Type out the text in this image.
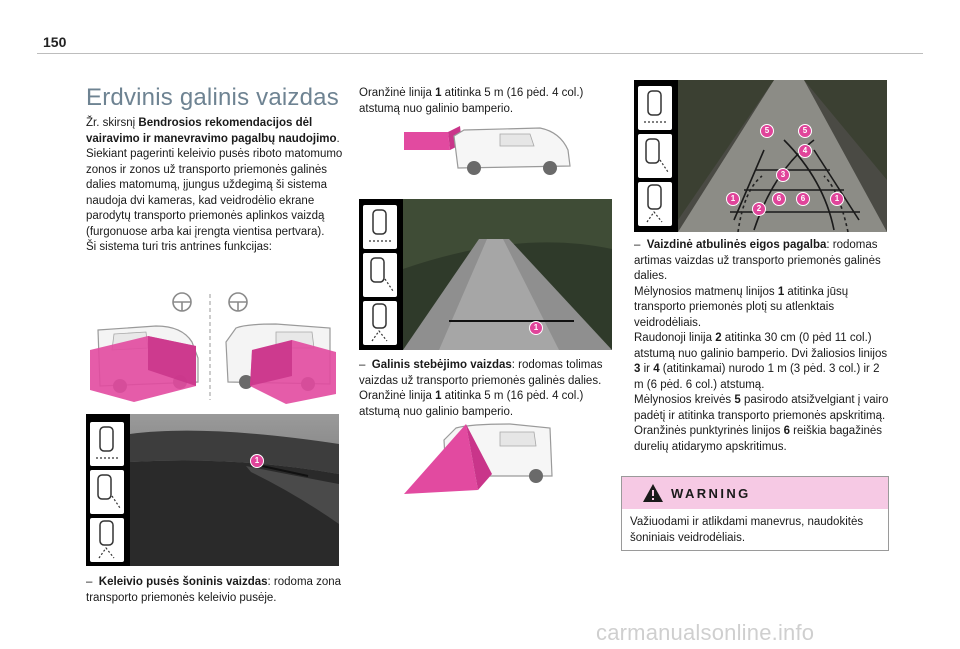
150
Erdvinis galinis vaizdas

Žr. skirsnį Bendrosios rekomendacijos dėl vairavimo ir manevravimo pagalbų naudojimo.

Siekiant pagerinti keleivio pusės riboto matomumo zonos ir zonos už transporto priemonės galinės dalies matomumą, įjungus uždegimą ši sistema naudoja dvi kameras, kad veidrodėlio ekrane parodytų transporto priemonės aplinkos vaizdą (furgonuose arba kai įrengta vientisa pertvara).

Ši sistema turi tris antrines funkcijas:

1

– Keleivio pusės šoninis vaizdas: rodoma zona transporto priemonės keleivio pusėje.

Oranžinė linija 1 atitinka 5 m (16 pėd. 4 col.) atstumą nuo galinio bamperio.

1

– Galinis stebėjimo vaizdas: rodomas tolimas vaizdas už transporto priemonės galinės dalies.

Oranžinė linija 1 atitinka 5 m (16 pėd. 4 col.) atstumą nuo galinio bamperio.

5	5
4
3
1	6	6	1
2

– Vaizdinė atbulinės eigos pagalba: rodomas artimas vaizdas už transporto priemonės galinės dalies.

Mėlynosios matmenų linijos 1 atitinka jūsų transporto priemonės plotį su atlenktais veidrodėliais.

Raudonoji linija 2 atitinka 30 cm (0 pėd 11 col.) atstumą nuo galinio bamperio. Dvi žaliosios linijos 3 ir 4 (atitinkamai) nurodo 1 m (3 pėd. 3 col.) ir 2 m (6 pėd. 6 col.) atstumą.

Mėlynosios kreivės 5 pasirodo atsižvelgiant į vairo padėtį ir atitinka transporto priemonės apskritimą.

Oranžinės punktyrinės linijos 6 reiškia bagažinės durelių atidarymo apskritimus.

WARNING
Važiuodami ir atlikdami manevrus, naudokitės šoniniais veidrodėliais.
carmanualsonline.info
